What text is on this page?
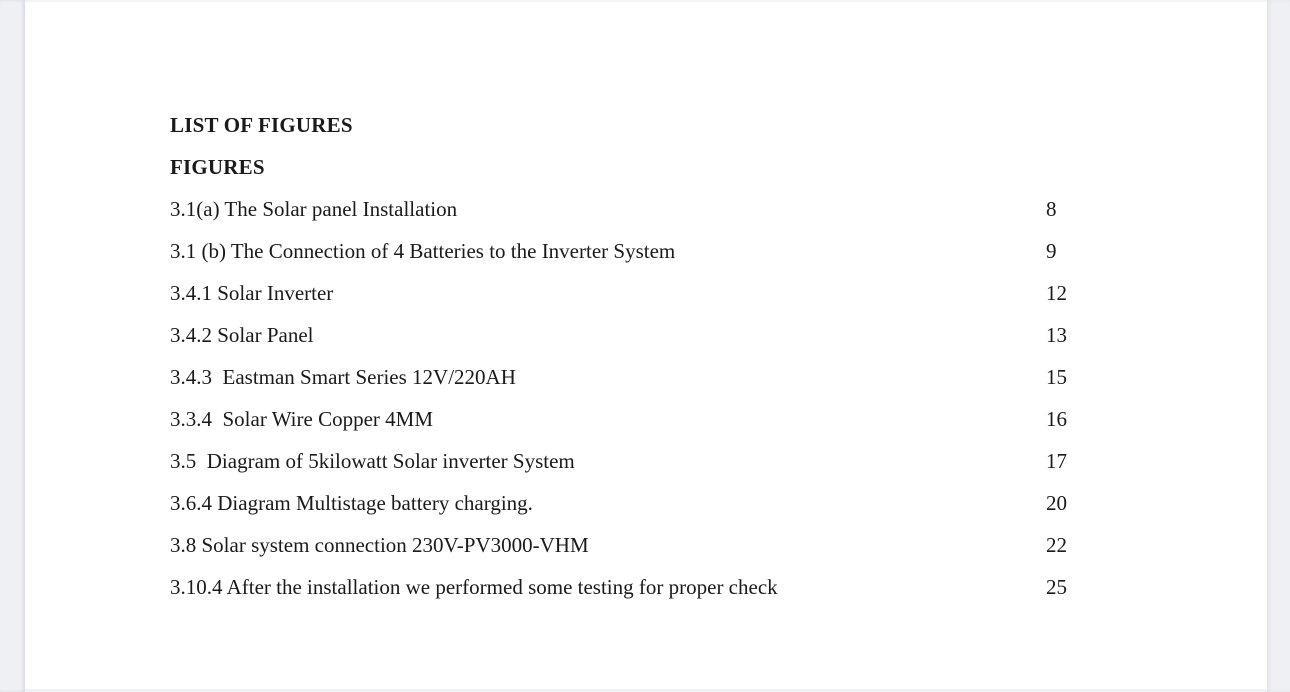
LIST OF FIGURES
FIGURES
3.1(a) The Solar panel Installation	8
3.1 (b) The Connection of 4 Batteries to the Inverter System	9
3.4.1 Solar Inverter	12
3.4.2 Solar Panel	13
3.4.3  Eastman Smart Series 12V/220AH	15
3.3.4  Solar Wire Copper 4MM	16
3.5  Diagram of 5kilowatt Solar inverter System	17
3.6.4 Diagram Multistage battery charging.	20
3.8 Solar system connection 230V-PV3000-VHM	22
3.10.4 After the installation we performed some testing for proper check	25
